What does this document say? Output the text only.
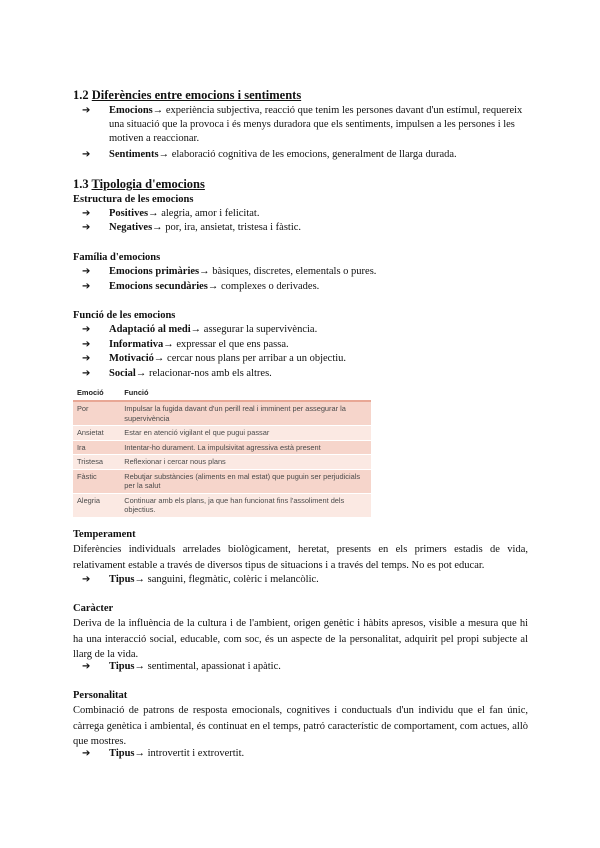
1.2 Diferències entre emocions i sentiments
➔ Emocions→ experiència subjectiva, reacció que tenim les persones davant d'un estímul, requereix una situació que la provoca i és menys duradora que els sentiments, impulsen a les persones i les motiven a reaccionar.
➔ Sentiments→ elaboració cognitiva de les emocions, generalment de llarga durada.
1.3 Tipologia d'emocions
Estructura de les emocions
➔ Positives→ alegria, amor i felicitat.
➔ Negatives→ por, ira, ansietat, tristesa i fàstic.
Família d'emocions
➔ Emocions primàries→ bàsiques, discretes, elementals o pures.
➔ Emocions secundàries→ complexes o derivades.
Funció de les emocions
➔ Adaptació al medi→ assegurar la supervivència.
➔ Informativa→ expressar el que ens passa.
➔ Motivació→ cercar nous plans per arribar a un objectiu.
➔ Social→ relacionar-nos amb els altres.
Emoció	Funció
Por	Impulsar la fugida davant d'un perill real i imminent per assegurar la supervivència
Ansietat	Estar en atenció vigilant el que pugui passar
Ira	Intentar-ho durament. La impulsivitat agressiva està present
Tristesa	Reflexionar i cercar nous plans
Fàstic	Rebutjar substàncies (aliments en mal estat) que puguin ser perjudicials per la salut
Alegria	Continuar amb els plans, ja que han funcionat fins l'assoliment dels objectius.
Temperament
Diferències individuals arrelades biològicament, heretat, presents en els primers estadis de vida, relativament estable a través de diversos tipus de situacions i a través del temps. No es pot educar.
➔ Tipus→ sanguini, flegmàtic, colèric i melancòlic.
Caràcter
Deriva de la influència de la cultura i de l'ambient, origen genètic i hàbits apresos, visible a mesura que hi ha una interacció social, educable, com soc, és un aspecte de la personalitat, adquirit pel propi subjecte al llarg de la vida.
➔ Tipus→ sentimental, apassionat i apàtic.
Personalitat
Combinació de patrons de resposta emocionals, cognitives i conductuals d'un individu que el fan únic, càrrega genètica i ambiental, és continuat en el temps, patró característic de comportament, com actues, allò que mostres.
➔ Tipus→ introvertit i extrovertit.
